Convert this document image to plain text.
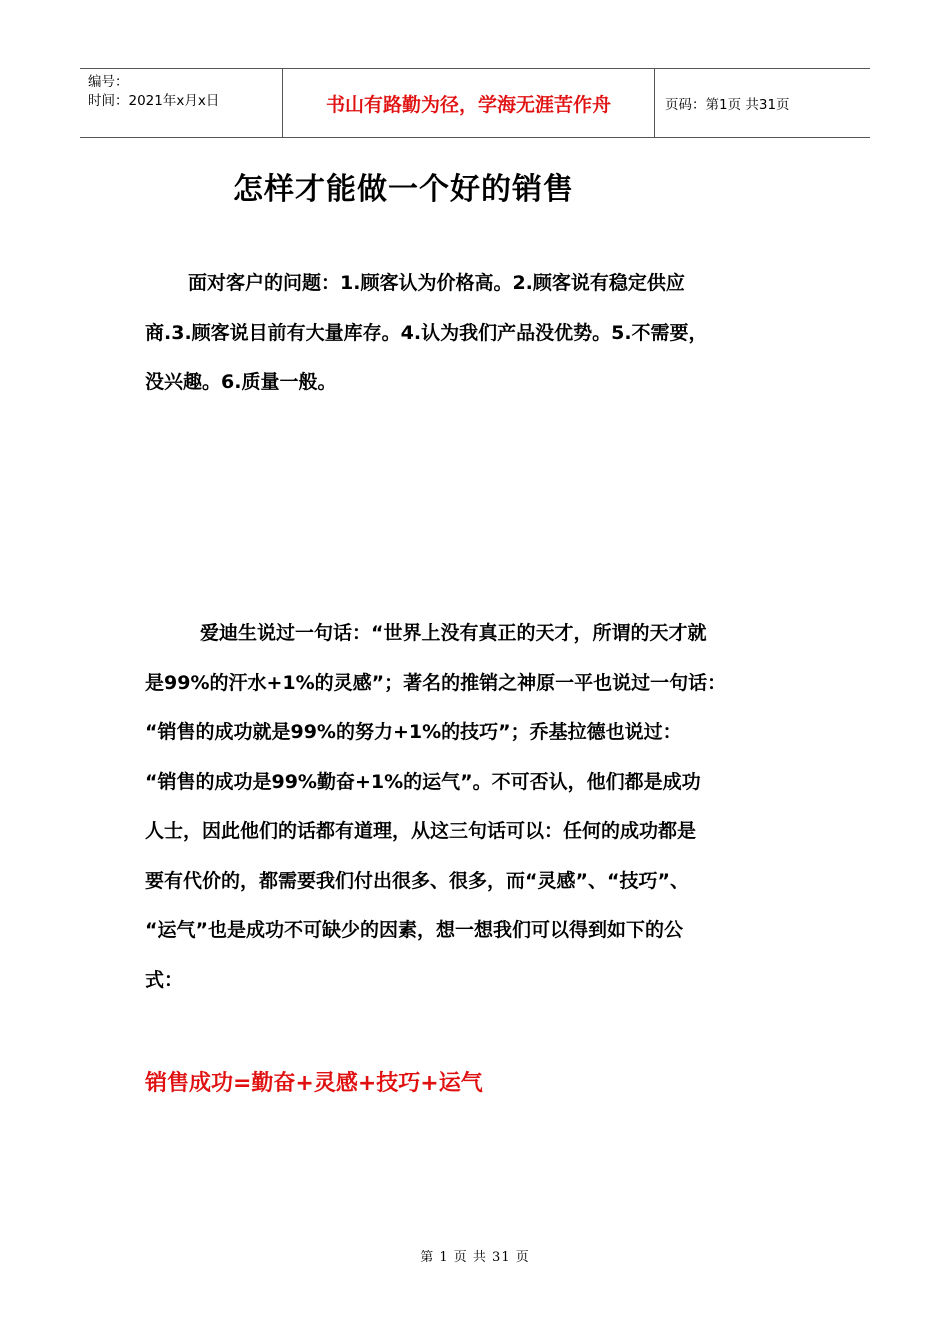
编号：
时间：2021年x月x日	书山有路勤为径，学海无涯苦作舟	页码：第1页 共31页
怎样才能做一个好的销售
面对客户的问题：1.顾客认为价格高。2.顾客说有稳定供应
商.3.顾客说目前有大量库存。4.认为我们产品没优势。5.不需要，
没兴趣。6.质量一般。
爱迪生说过一句话：“世界上没有真正的天才，所谓的天才就
是99%的汗水+1%的灵感”；著名的推销之神原一平也说过一句话：
“销售的成功就是99%的努力+1%的技巧”；乔基拉德也说过：
“销售的成功是99%勤奋+1%的运气”。不可否认，他们都是成功
人士，因此他们的话都有道理，从这三句话可以：任何的成功都是
要有代价的，都需要我们付出很多、很多，而“灵感”、“技巧”、
“运气”也是成功不可缺少的因素，想一想我们可以得到如下的公
式：
销售成功=勤奋+灵感+技巧+运气
第 1 页 共 31 页
